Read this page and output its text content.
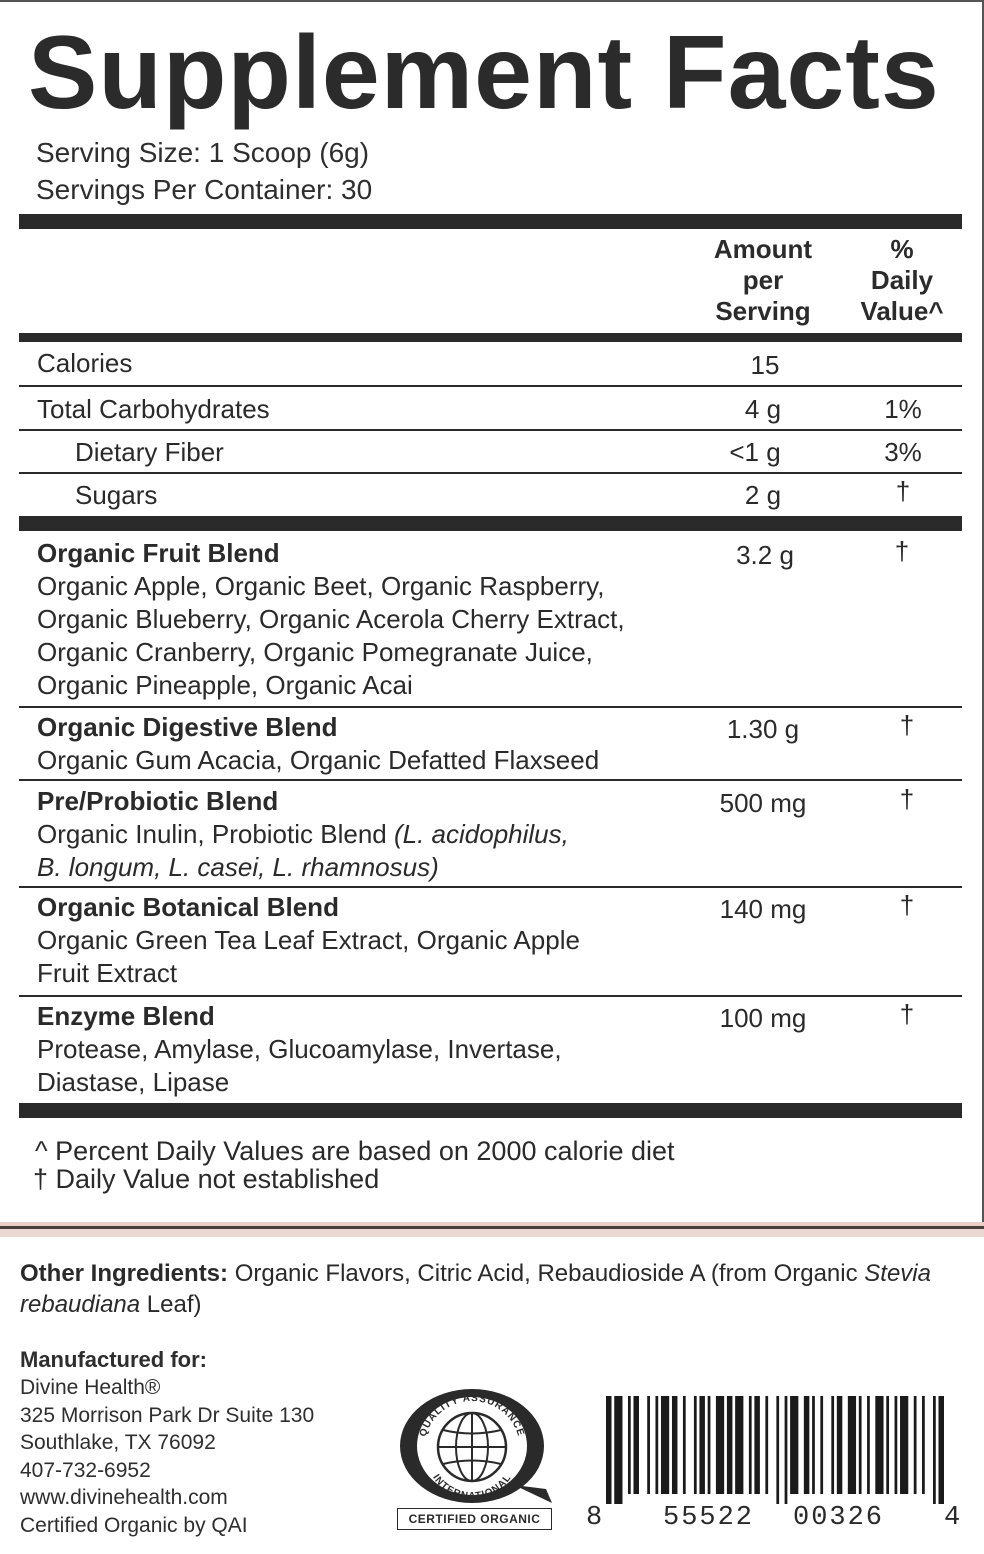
Supplement Facts
Serving Size: 1 Scoop (6g)
Servings Per Container: 30
Amount
per
Serving
%
Daily
Value^
Calories	15
Total Carbohydrates	4 g	1%
Dietary Fiber	<1 g	3%
Sugars	2 g	†
Organic Fruit Blend
Organic Apple, Organic Beet, Organic Raspberry,
Organic Blueberry, Organic Acerola Cherry Extract,
Organic Cranberry, Organic Pomegranate Juice,
Organic Pineapple, Organic Acai
3.2 g	†
Organic Digestive Blend
Organic Gum Acacia, Organic Defatted Flaxseed
1.30 g	†
Pre/Probiotic Blend
Organic Inulin, Probiotic Blend (L. acidophilus,
B. longum, L. casei, L. rhamnosus)
500 mg	†
Organic Botanical Blend
Organic Green Tea Leaf Extract, Organic Apple
Fruit Extract
140 mg	†
Enzyme Blend
Protease, Amylase, Glucoamylase, Invertase,
Diastase, Lipase
100 mg	†
^ Percent Daily Values are based on 2000 calorie diet
† Daily Value not established
Other Ingredients: Organic Flavors, Citric Acid, Rebaudioside A (from Organic Stevia rebaudiana Leaf)
Manufactured for:
Divine Health®
325 Morrison Park Dr Suite 130
Southlake, TX 76092
407-732-6952
www.divinehealth.com
Certified Organic by QAI
QUALITY ASSURANCE
INTERNATIONAL
CERTIFIED ORGANIC	8 55522 00326 4
